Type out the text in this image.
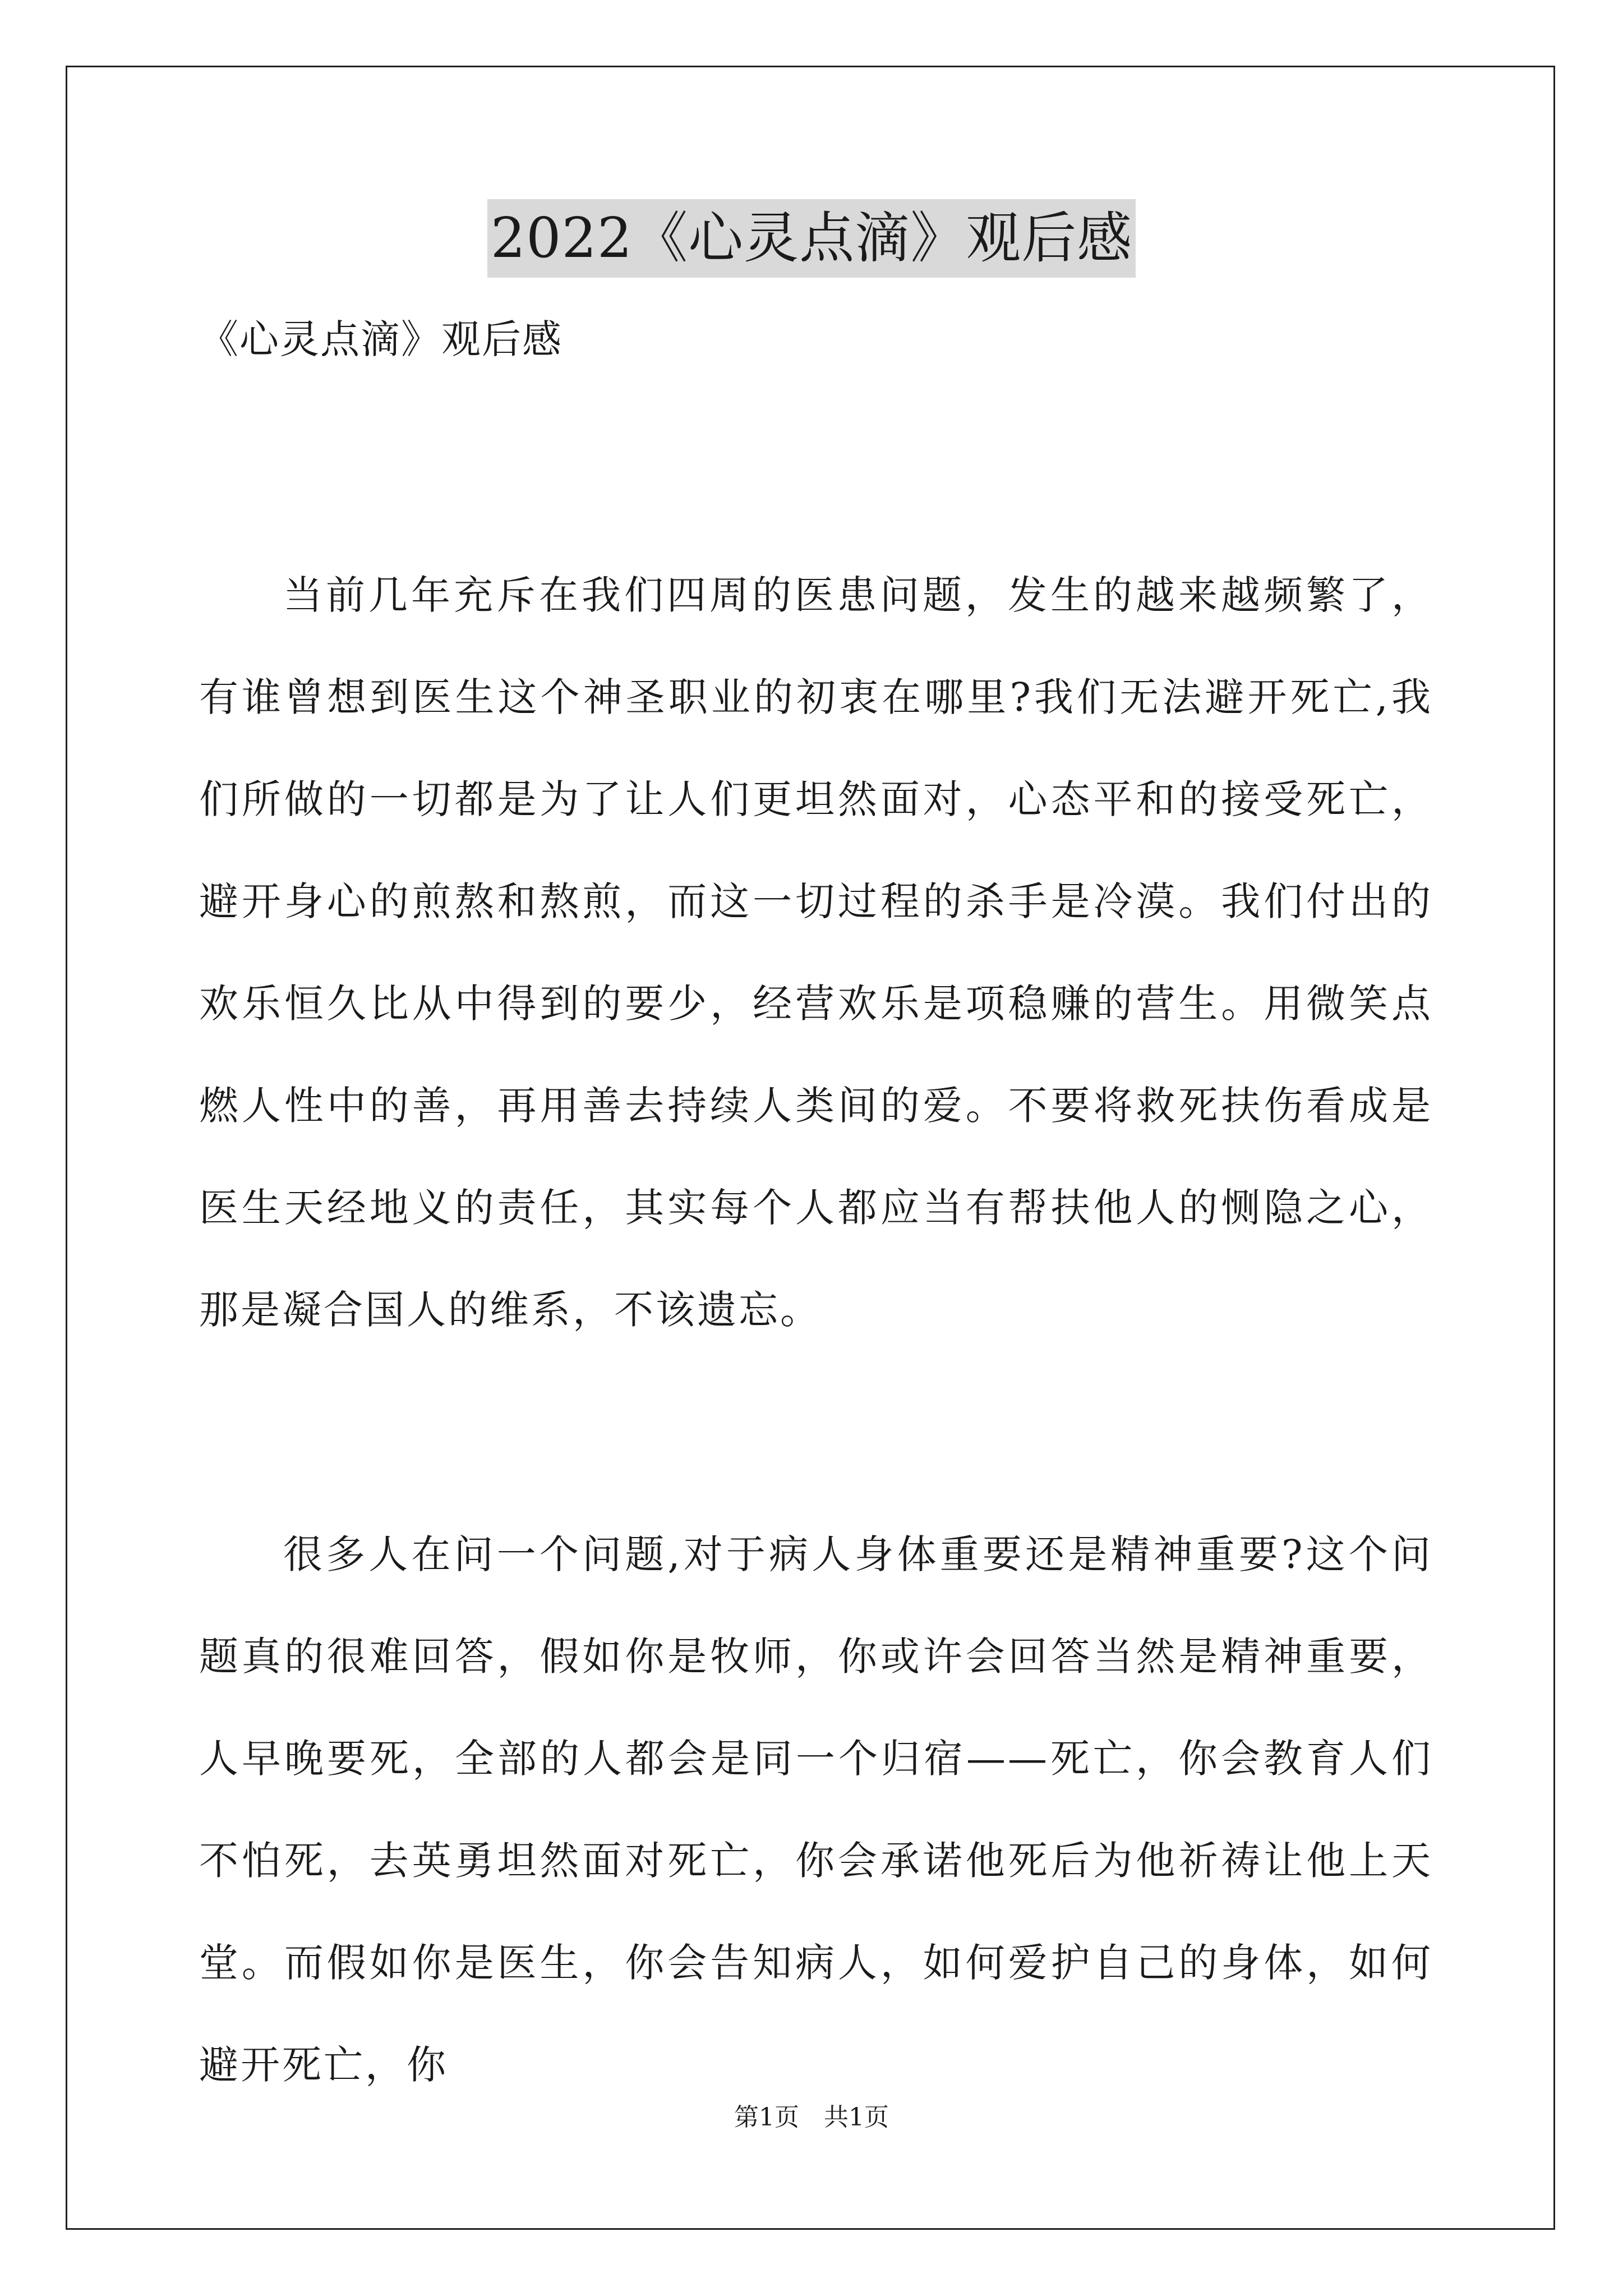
2022《心灵点滴》观后感
《心灵点滴》观后感

当前几年充斥在我们四周的医患问题，发生的越来越频繁了，有谁曾想到医生这个神圣职业的初衷在哪里?我们无法避开死亡,我们所做的一切都是为了让人们更坦然面对，心态平和的接受死亡，避开身心的煎熬和熬煎，而这一切过程的杀手是冷漠。我们付出的欢乐恒久比从中得到的要少，经营欢乐是项稳赚的营生。用微笑点燃人性中的善，再用善去持续人类间的爱。不要将救死扶伤看成是医生天经地义的责任，其实每个人都应当有帮扶他人的恻隐之心，那是凝合国人的维系，不该遗忘。

很多人在问一个问题,对于病人身体重要还是精神重要?这个问题真的很难回答，假如你是牧师，你或许会回答当然是精神重要，人早晚要死，全部的人都会是同一个归宿——死亡，你会教育人们不怕死，去英勇坦然面对死亡，你会承诺他死后为他祈祷让他上天堂。而假如你是医生，你会告知病人，如何爱护自己的身体，如何避开死亡，你

第1页　共1页
